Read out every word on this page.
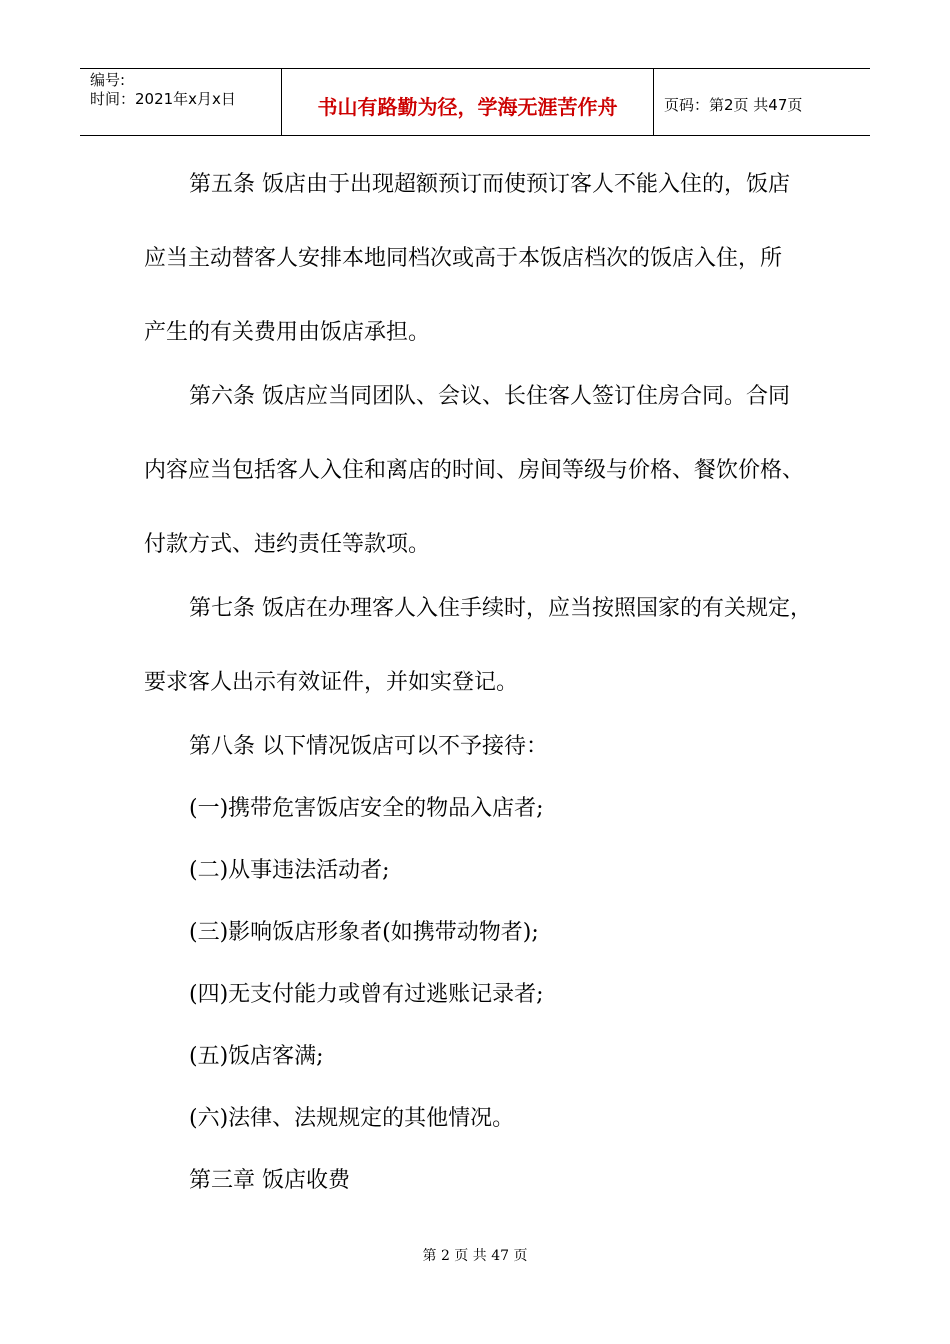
编号:
时间：2021年x月x日	书山有路勤为径，学海无涯苦作舟	页码：第2页 共47页
第五条 饭店由于出现超额预订而使预订客人不能入住的，饭店
应当主动替客人安排本地同档次或高于本饭店档次的饭店入住，所
产生的有关费用由饭店承担。
第六条 饭店应当同团队、会议、长住客人签订住房合同。合同
内容应当包括客人入住和离店的时间、房间等级与价格、餐饮价格、
付款方式、违约责任等款项。
第七条 饭店在办理客人入住手续时，应当按照国家的有关规定，
要求客人出示有效证件，并如实登记。
第八条 以下情况饭店可以不予接待：
(一)携带危害饭店安全的物品入店者;
(二)从事违法活动者;
(三)影响饭店形象者(如携带动物者);
(四)无支付能力或曾有过逃账记录者;
(五)饭店客满;
(六)法律、法规规定的其他情况。
第三章 饭店收费
第 2 页 共 47 页
